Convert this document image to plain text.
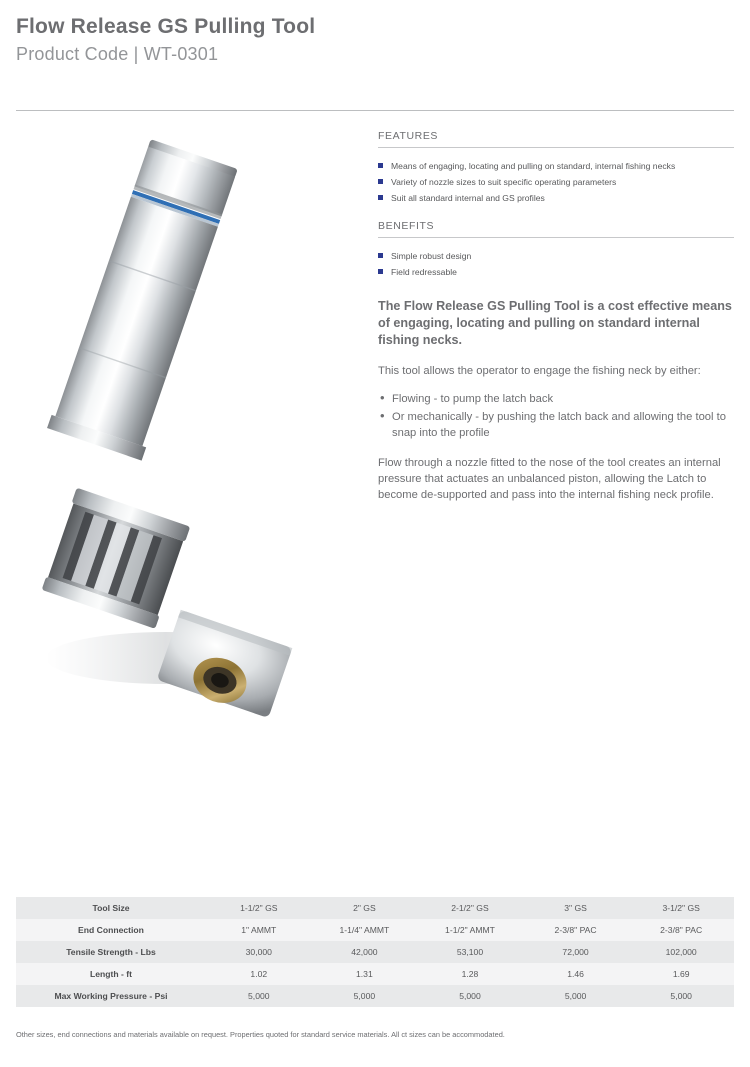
Flow Release GS Pulling Tool
Product Code | WT-0301
FEATURES
Means of engaging, locating and pulling on standard, internal fishing necks
Variety of nozzle sizes to suit specific operating parameters
Suit all standard internal and GS profiles
BENEFITS
Simple robust design
Field redressable

The Flow Release GS Pulling Tool is a cost effective means of engaging, locating and pulling on standard internal fishing necks.

This tool allows the operator to engage the fishing neck by either:

• Flowing - to pump the latch back
• Or mechanically - by pushing the latch back and allowing the tool to snap into the profile

Flow through a nozzle fitted to the nose of the tool creates an internal pressure that actuates an unbalanced piston, allowing the Latch to become de-supported and pass into the internal fishing neck profile.

Tool Size	1-1/2" GS	2" GS	2-1/2" GS	3" GS	3-1/2" GS
End Connection	1" AMMT	1-1/4" AMMT	1-1/2" AMMT	2-3/8" PAC	2-3/8" PAC
Tensile Strength - Lbs	30,000	42,000	53,100	72,000	102,000
Length - ft	1.02	1.31	1.28	1.46	1.69
Max Working Pressure - Psi	5,000	5,000	5,000	5,000	5,000
Other sizes, end connections and materials available on request. Properties quoted for standard service materials. All ct sizes can be accommodated.
